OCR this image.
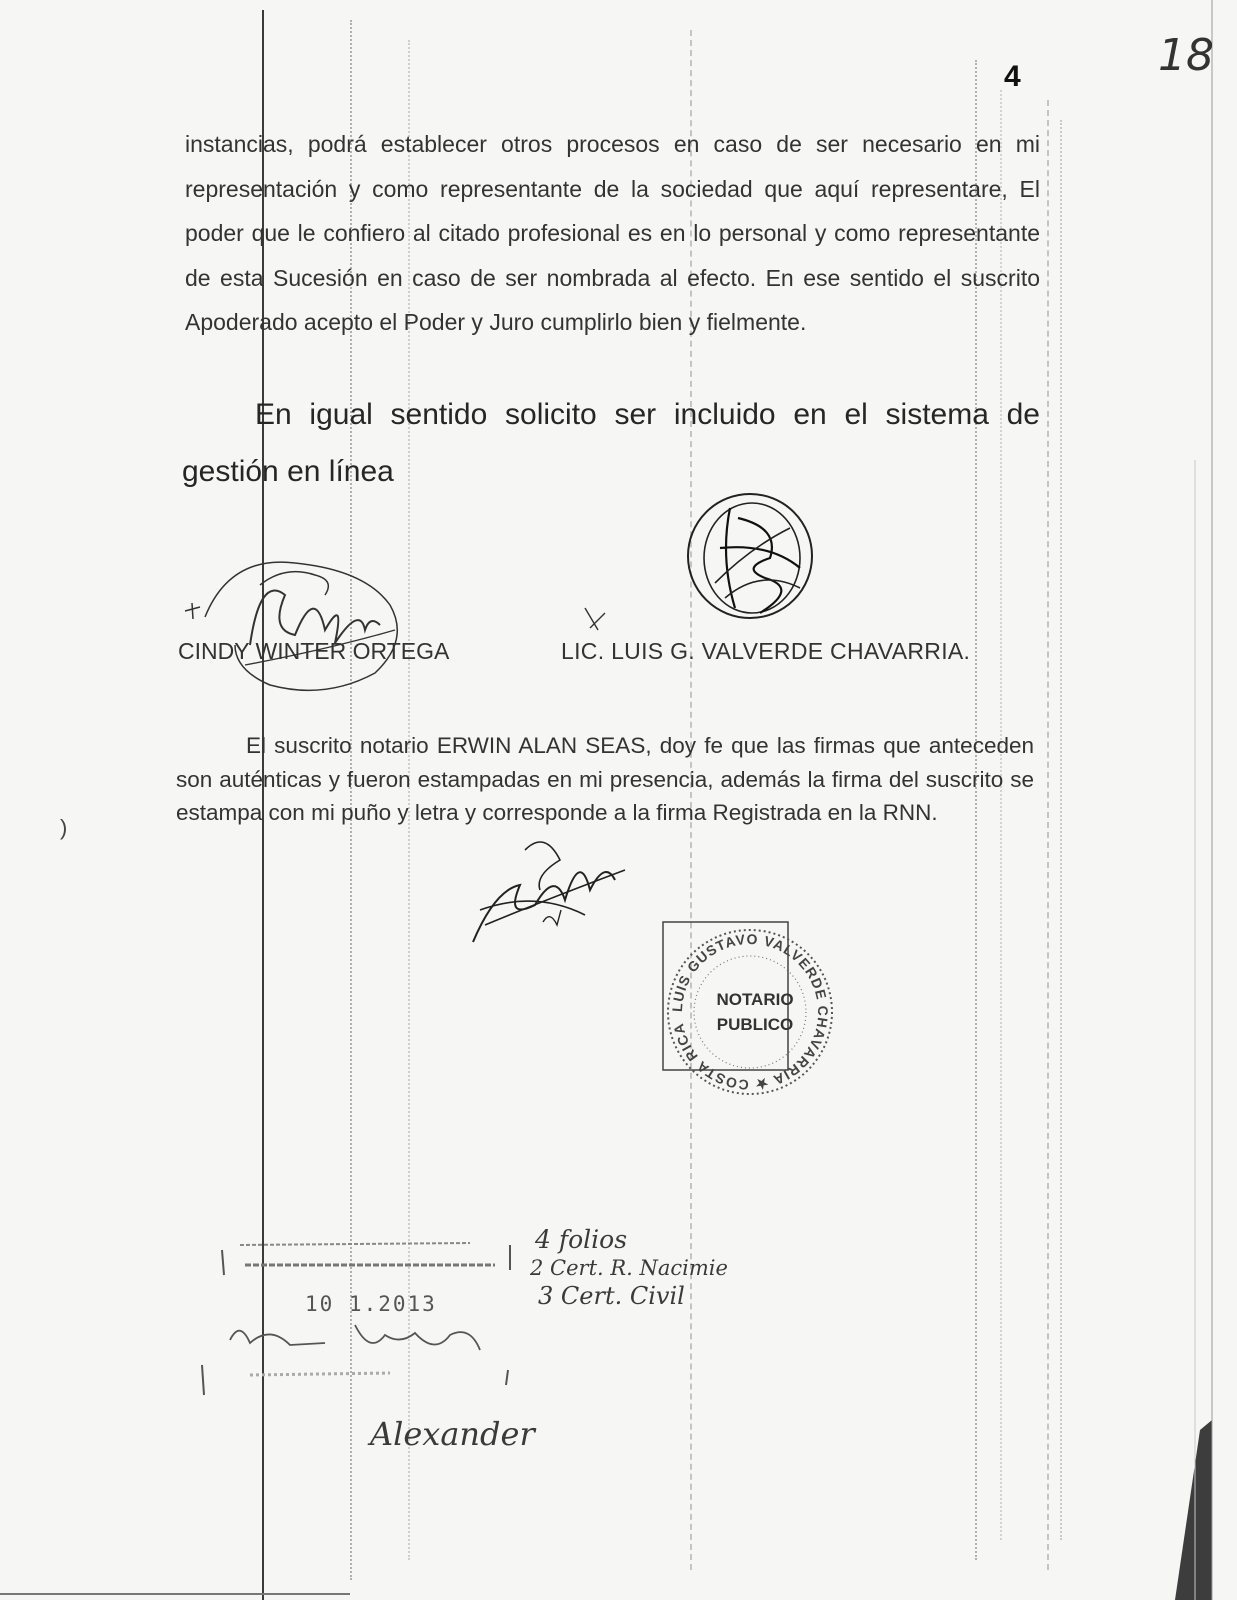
4	18
instancias, podrá establecer otros procesos en caso de ser necesario en mi representación y como representante de la sociedad que aquí representare, El poder que le confiero al citado profesional es en lo personal y como representante de esta Sucesión en caso de ser nombrada al efecto. En ese sentido el suscrito Apoderado acepto el Poder y Juro cumplirlo bien y fielmente.
En igual sentido solicito ser incluido en el sistema de gestión en línea
CINDY WINTER ORTEGA	LIC. LUIS G. VALVERDE CHAVARRIA.
El suscrito notario ERWIN ALAN SEAS, doy fe que las firmas que anteceden son auténticas y fueron estampadas en mi presencia, además la firma del suscrito se estampa con mi puño y letra y corresponde a la firma Registrada en la RNN.
)
LUIS GUSTAVO VALVERDE CHAVARRIA ★ COSTA RICA ★
NOTARIO
PUBLICO
10 1.2013
4 folios
2 Cert. R. Nacimie
3 Cert. Civil
Alexander
